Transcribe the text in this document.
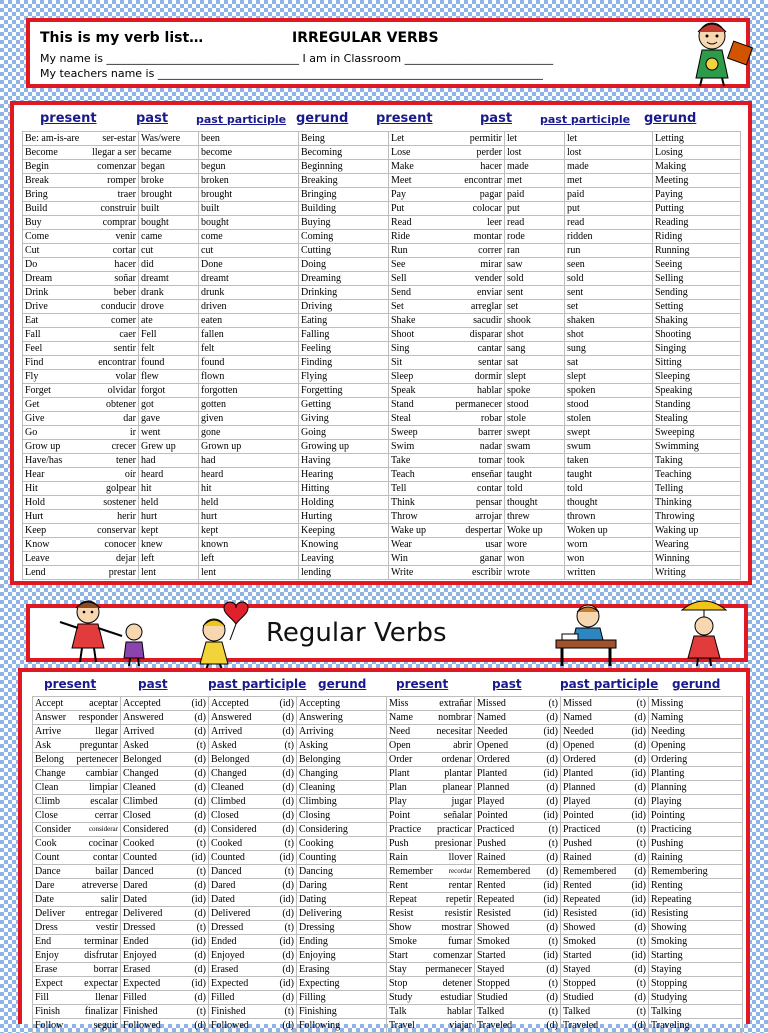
This is my verb list…	IRREGULAR VERBS
My name is ___________________________________ I am in Classroom ___________________________
My teachers name is ______________________________________________________________________
present	past	past participle gerund present	past	past participle gerund
Be: am-is-are ser-estar	Was/were	been	Being	Let permitir	let	let	Letting

Become llegar a ser	became	become	Becoming	Lose perder	lost	lost	Losing

Begin comenzar	began	begun	Beginning	Make hacer	made	made	Making

Break romper	broke	broken	Breaking	Meet encontrar	met	met	Meeting

Bring traer	brought	brought	Bringing	Pay pagar	paid	paid	Paying

Build construir	built	built	Building	Put colocar	put	put	Putting

Buy comprar	bought	bought	Buying	Read leer	read	read	Reading

Come venir	came	come	Coming	Ride montar	rode	ridden	Riding

Cut cortar	cut	cut	Cutting	Run correr	ran	run	Running

Do hacer	did	Done	Doing	See mirar	saw	seen	Seeing

Dream soñar	dreamt	dreamt	Dreaming	Sell vender	sold	sold	Selling

Drink beber	drank	drunk	Drinking	Send enviar	sent	sent	Sending

Drive conducir	drove	driven	Driving	Set arreglar	set	set	Setting

Eat comer	ate	eaten	Eating	Shake sacudir	shook	shaken	Shaking

Fall caer	Fell	fallen	Falling	Shoot disparar	shot	shot	Shooting

Feel sentir	felt	felt	Feeling	Sing cantar	sang	sung	Singing

Find encontrar	found	found	Finding	Sit sentar	sat	sat	Sitting

Fly volar	flew	flown	Flying	Sleep dormir	slept	slept	Sleeping

Forget olvidar	forgot	forgotten	Forgetting	Speak hablar	spoke	spoken	Speaking

Get obtener	got	gotten	Getting	Stand permanecer	stood	stood	Standing

Give dar	gave	given	Giving	Steal robar	stole	stolen	Stealing

Go ir	went	gone	Going	Sweep barrer	swept	swept	Sweeping

Grow up crecer	Grew up	Grown up	Growing up	Swim nadar	swam	swum	Swimming

Have/has tener	had	had	Having	Take tomar	took	taken	Taking

Hear oír	heard	heard	Hearing	Teach enseñar	taught	taught	Teaching

Hit golpear	hit	hit	Hitting	Tell contar	told	told	Telling

Hold sostener	held	held	Holding	Think pensar	thought	thought	Thinking

Hurt herir	hurt	hurt	Hurting	Throw arrojar	threw	thrown	Throwing

Keep conservar	kept	kept	Keeping	Wake up despertar	Woke up	Woken up	Waking up

Know conocer	knew	known	Knowing	Wear usar	wore	worn	Wearing

Leave dejar	left	left	Leaving	Win ganar	won	won	Winning

Lend prestar	lent	lent	lending	Write escribir	wrote	written	Writing
Regular Verbs
present	past	past participle gerund present	past	past participle gerund
Accept aceptar	Accepted (id)	Accepted (id)	Accepting	Miss extrañar	Missed (t)	Missed (t)	Missing

Answer responder	Answered (d)	Answered (d)	Answering	Name nombrar	Named (d)	Named (d)	Naming

Arrive llegar	Arrived (d)	Arrived (d)	Arriving	Need necesitar	Needed (id)	Needed (id)	Needing

Ask preguntar	Asked (t)	Asked (t)	Asking	Open abrir	Opened (d)	Opened (d)	Opening

Belong pertenecer	Belonged (d)	Belonged (d)	Belonging	Order ordenar	Ordered (d)	Ordered (d)	Ordering

Change cambiar	Changed (d)	Changed (d)	Changing	Plant plantar	Planted (id)	Planted (id)	Planting

Clean limpiar	Cleaned (d)	Cleaned (d)	Cleaning	Plan planear	Planned (d)	Planned (d)	Planning

Climb escalar	Climbed (d)	Climbed (d)	Climbing	Play jugar	Played (d)	Played (d)	Playing

Close cerrar	Closed (d)	Closed (d)	Closing	Point señalar	Pointed (id)	Pointed (id)	Pointing

Consider considerar	Considered (d)	Considered (d)	Considering	Practice practicar	Practiced (t)	Practiced (t)	Practicing

Cook cocinar	Cooked (t)	Cooked (t)	Cooking	Push presionar	Pushed (t)	Pushed (t)	Pushing

Count contar	Counted (id)	Counted (id)	Counting	Rain llover	Rained (d)	Rained (d)	Raining

Dance bailar	Danced (t)	Danced (t)	Dancing	Remember recordar	Remembered (d)	Remembered (d)	Remembering

Dare atreverse	Dared (d)	Dared (d)	Daring	Rent rentar	Rented (id)	Rented (id)	Renting

Date salir	Dated (id)	Dated (id)	Dating	Repeat repetir	Repeated (id)	Repeated (id)	Repeating

Deliver entregar	Delivered (d)	Delivered (d)	Delivering	Resist resistir	Resisted (id)	Resisted (id)	Resisting

Dress vestir	Dressed (t)	Dressed (t)	Dressing	Show mostrar	Showed (d)	Showed (d)	Showing

End terminar	Ended (id)	Ended (id)	Ending	Smoke fumar	Smoked (t)	Smoked (t)	Smoking

Enjoy disfrutar	Enjoyed (d)	Enjoyed (d)	Enjoying	Start comenzar	Started (id)	Started (id)	Starting

Erase borrar	Erased (d)	Erased (d)	Erasing	Stay permanecer	Stayed (d)	Stayed (d)	Staying

Expect expectar	Expected (id)	Expected (id)	Expecting	Stop detener	Stopped (t)	Stopped (t)	Stopping

Fill llenar	Filled (d)	Filled (d)	Filling	Study estudiar	Studied (d)	Studied (d)	Studying

Finish finalizar	Finished (t)	Finished (t)	Finishing	Talk hablar	Talked (t)	Talked (t)	Talking

Follow seguir	Followed (d)	Followed (d)	Following	Travel viajar	Traveled (d)	Traveled (d)	Traveling
